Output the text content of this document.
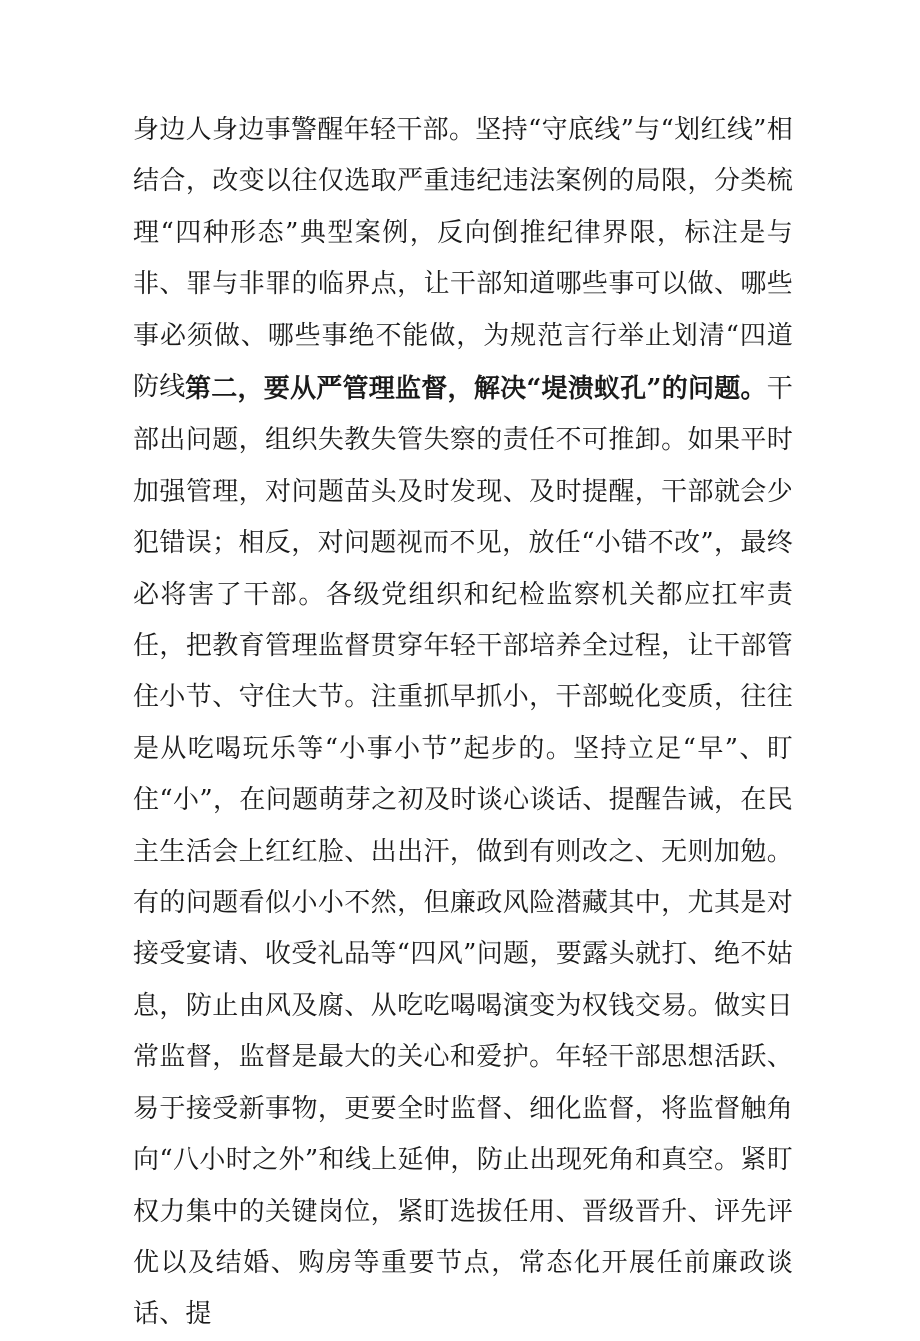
身边人身边事警醒年轻干部。坚持“守底线”与“划红线”相结合，改变以往仅选取严重违纪违法案例的局限，分类梳理“四种形态”典型案例，反向倒推纪律界限，标注是与非、罪与非罪的临界点，让干部知道哪些事可以做、哪些事必须做、哪些事绝不能做，为规范言行举止划清“四道防线 第二，要从严管理监督，解决“堤溃蚁孔”的问题。干部出问题，组织失教失管失察的责任不可推卸。如果平时加强管理，对问题苗头及时发现、及时提醒，干部就会少犯错误；相反，对问题视而不见，放任“小错不改”，最终必将害了干部。各级党组织和纪检监察机关都应扛牢责任，把教育管理监督贯穿年轻干部培养全过程，让干部管住小节、守住大节。注重抓早抓小，干部蜕化变质，往往是从吃喝玩乐等“小事小节”起步的。坚持立足“早”、盯住“小”，在问题萌芽之初及时谈心谈话、提醒告诫，在民主生活会上红红脸、出出汗，做到有则改之、无则加勉。有的问题看似小小不然，但廉政风险潜藏其中，尤其是对接受宴请、收受礼品等“四风”问题，要露头就打、绝不姑息，防止由风及腐、从吃吃喝喝演变为权钱交易。做实日常监督，监督是最大的关心和爱护。年轻干部思想活跃、易于接受新事物，更要全时监督、细化监督，将监督触角向“八小时之外”和线上延伸，防止出现死角和真空。紧盯权力集中的关键岗位，紧盯选拔任用、晋级晋升、评先评优以及结婚、购房等重要节点，常态化开展任前廉政谈话、提
